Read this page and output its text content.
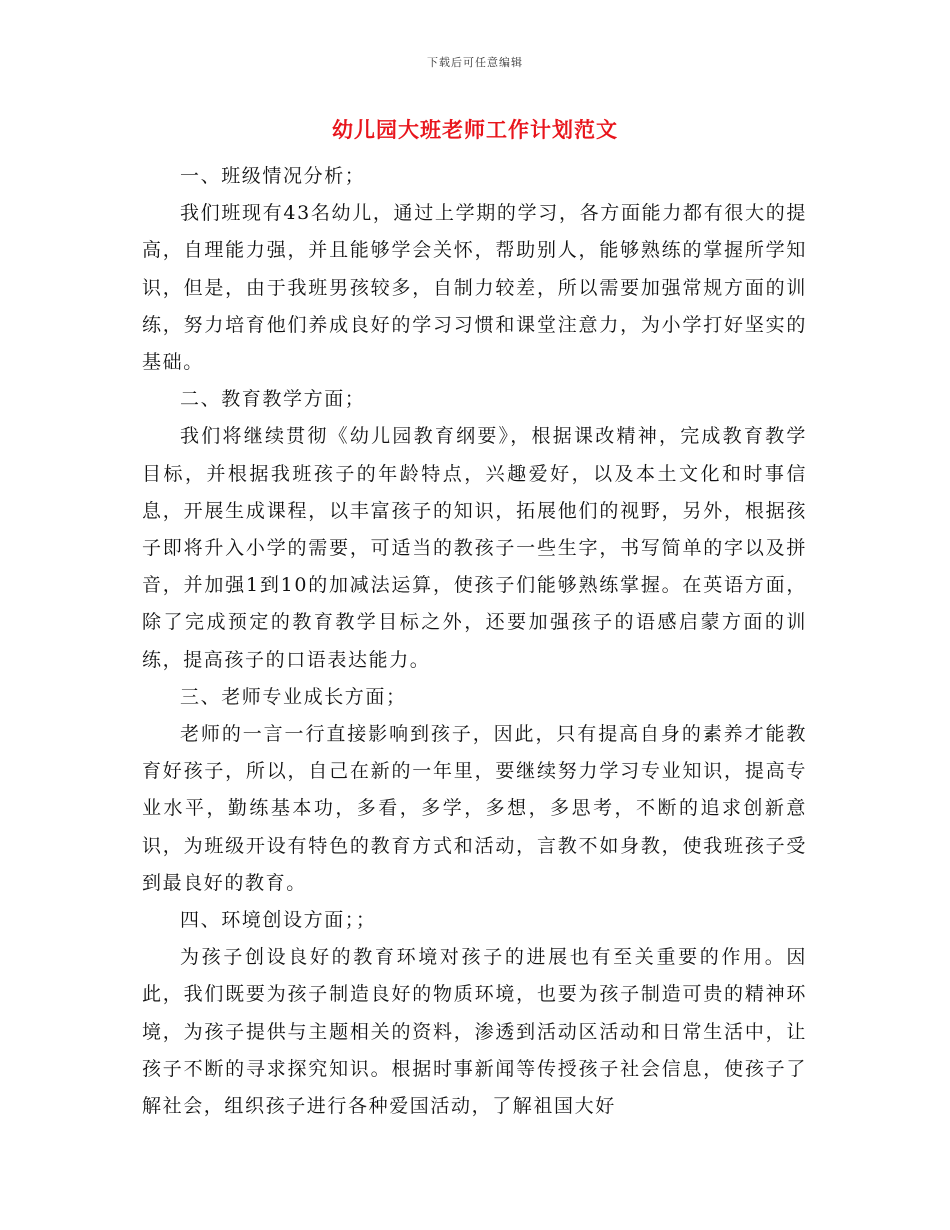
下载后可任意编辑
幼儿园大班老师工作计划范文

一、班级情况分析；

我们班现有43名幼儿，通过上学期的学习，各方面能力都有很大的提高，自理能力强，并且能够学会关怀，帮助别人，能够熟练的掌握所学知识，但是，由于我班男孩较多，自制力较差，所以需要加强常规方面的训练，努力培育他们养成良好的学习习惯和课堂注意力，为小学打好坚实的基础。

二、教育教学方面；

我们将继续贯彻《幼儿园教育纲要》，根据课改精神，完成教育教学目标，并根据我班孩子的年龄特点，兴趣爱好，以及本土文化和时事信息，开展生成课程，以丰富孩子的知识，拓展他们的视野，另外，根据孩子即将升入小学的需要，可适当的教孩子一些生字，书写简单的字以及拼音，并加强1到10的加减法运算，使孩子们能够熟练掌握。在英语方面，除了完成预定的教育教学目标之外，还要加强孩子的语感启蒙方面的训练，提高孩子的口语表达能力。

三、老师专业成长方面；

老师的一言一行直接影响到孩子，因此，只有提高自身的素养才能教育好孩子，所以，自己在新的一年里，要继续努力学习专业知识，提高专业水平，勤练基本功，多看，多学，多想，多思考，不断的追求创新意识，为班级开设有特色的教育方式和活动，言教不如身教，使我班孩子受到最良好的教育。

四、环境创设方面；；

为孩子创设良好的教育环境对孩子的进展也有至关重要的作用。因此，我们既要为孩子制造良好的物质环境，也要为孩子制造可贵的精神环境，为孩子提供与主题相关的资料，渗透到活动区活动和日常生活中，让孩子不断的寻求探究知识。根据时事新闻等传授孩子社会信息，使孩子了解社会，组织孩子进行各种爱国活动，了解祖国大好
